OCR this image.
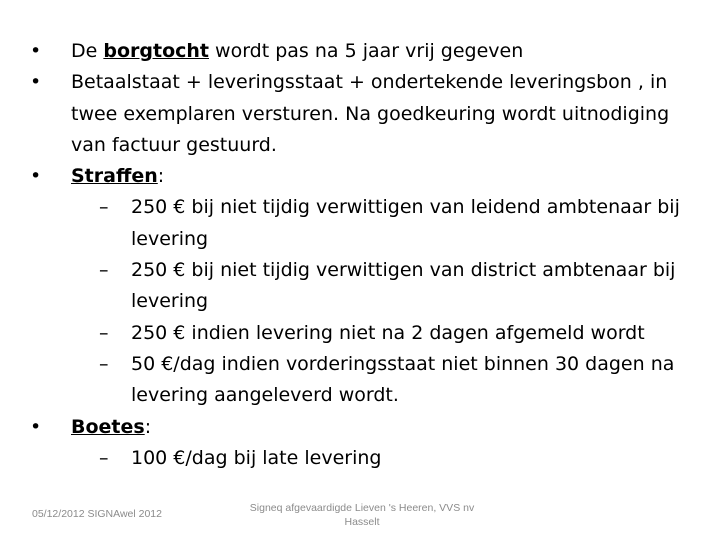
• De borgtocht wordt pas na 5 jaar vrij gegeven
• Betaalstaat + leveringsstaat + ondertekende leveringsbon , in twee exemplaren versturen. Na goedkeuring wordt uitnodiging van factuur gestuurd.
• Straffen:
– 250 € bij niet tijdig verwittigen van leidend ambtenaar bij levering
– 250 € bij niet tijdig verwittigen van district ambtenaar bij levering
– 250 € indien levering niet na 2 dagen afgemeld wordt
– 50 €/dag indien vorderingsstaat niet binnen 30 dagen na levering aangeleverd wordt.
• Boetes:
– 100 €/dag bij late levering
05/12/2012 SIGNAwel 2012	Signeq afgevaardigde Lieven 's Heeren, VVS nv Hasselt
